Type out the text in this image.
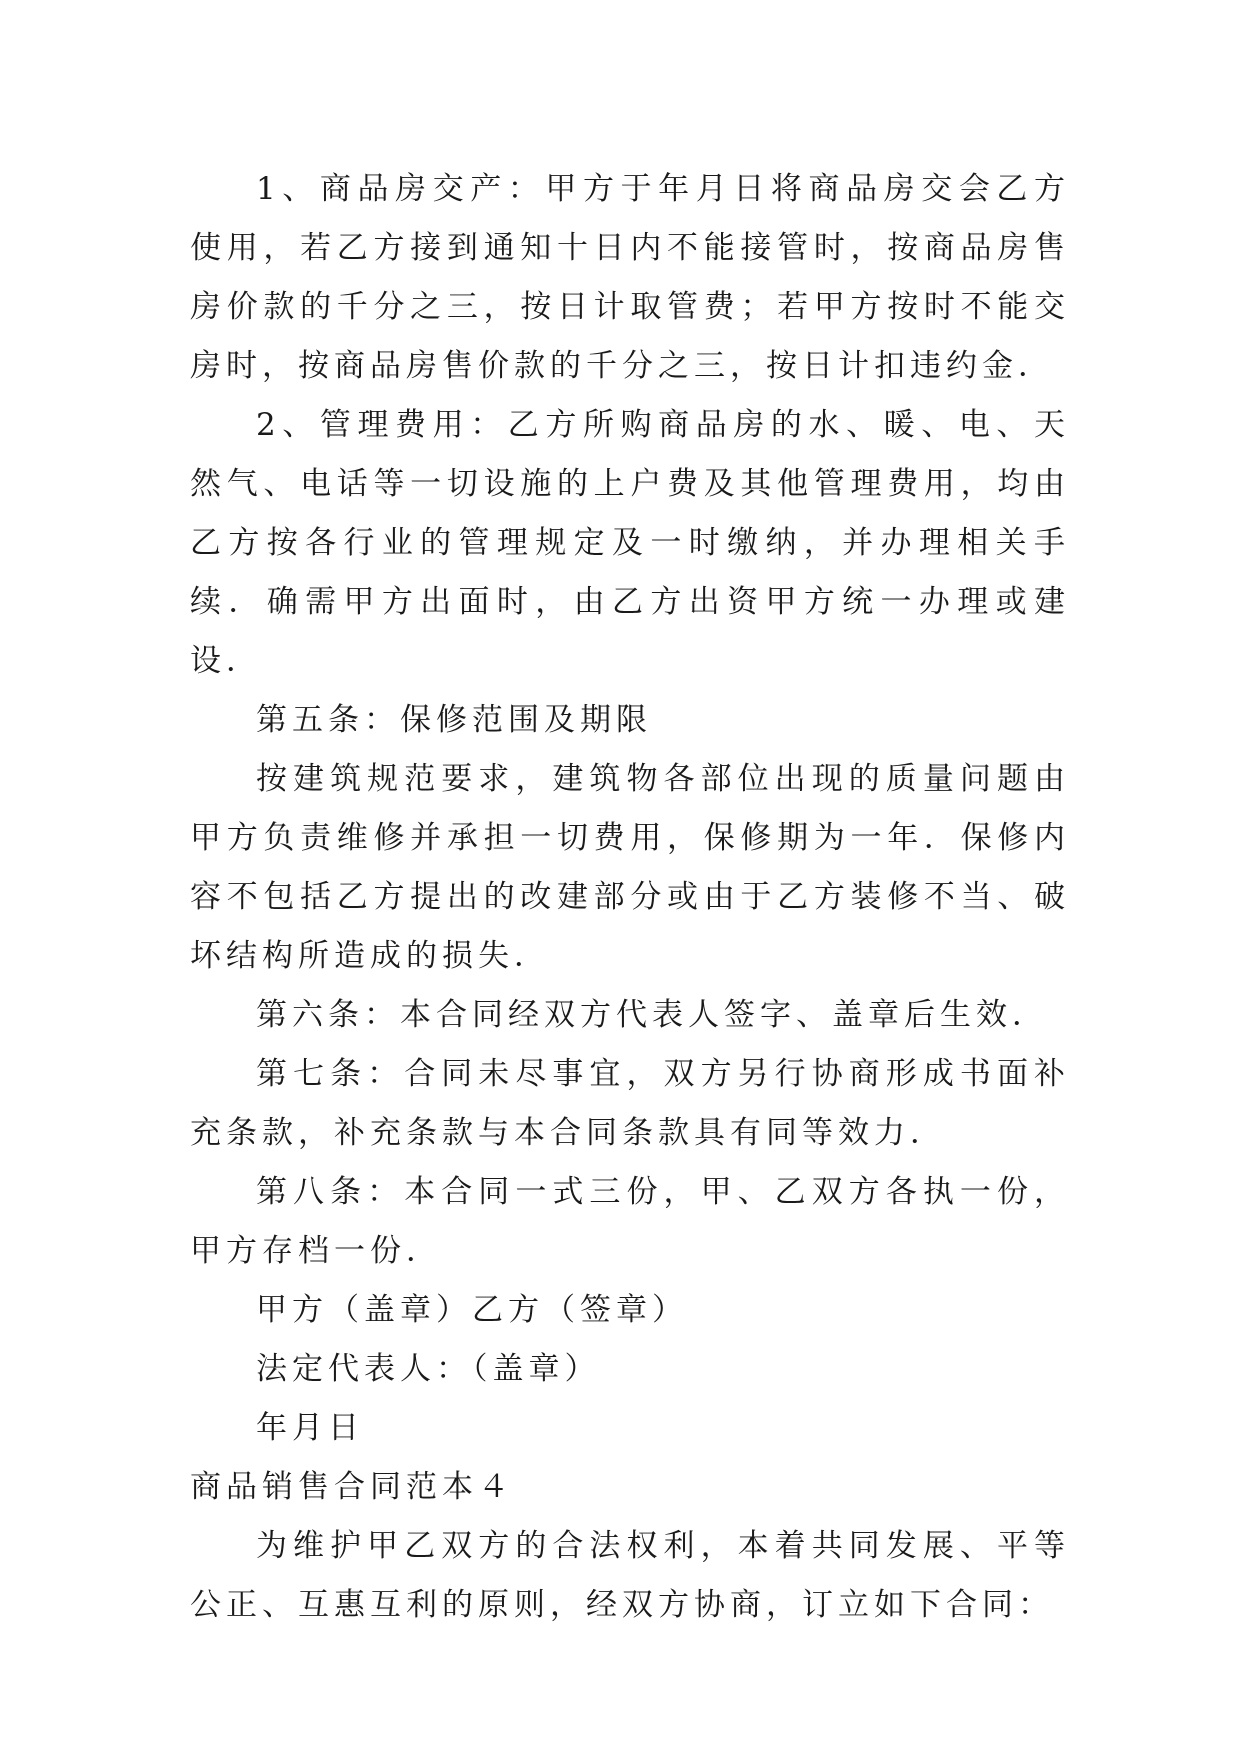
1、商品房交产：甲方于年月日将商品房交会乙方使用，若乙方接到通知十日内不能接管时，按商品房售房价款的千分之三，按日计取管费；若甲方按时不能交房时，按商品房售价款的千分之三，按日计扣违约金．

2、管理费用：乙方所购商品房的水、暖、电、天然气、电话等一切设施的上户费及其他管理费用，均由乙方按各行业的管理规定及一时缴纳，并办理相关手续．确需甲方出面时，由乙方出资甲方统一办理或建设．

第五条：保修范围及期限

按建筑规范要求，建筑物各部位出现的质量问题由甲方负责维修并承担一切费用，保修期为一年．保修内容不包括乙方提出的改建部分或由于乙方装修不当、破坏结构所造成的损失．

第六条：本合同经双方代表人签字、盖章后生效．

第七条：合同未尽事宜，双方另行协商形成书面补充条款，补充条款与本合同条款具有同等效力．

第八条：本合同一式三份，甲、乙双方各执一份，甲方存档一份．

甲方（盖章）乙方（签章）

法定代表人：（盖章）

年月日

商品销售合同范本４

为维护甲乙双方的合法权利，本着共同发展、平等公正、互惠互利的原则，经双方协商，订立如下合同：
